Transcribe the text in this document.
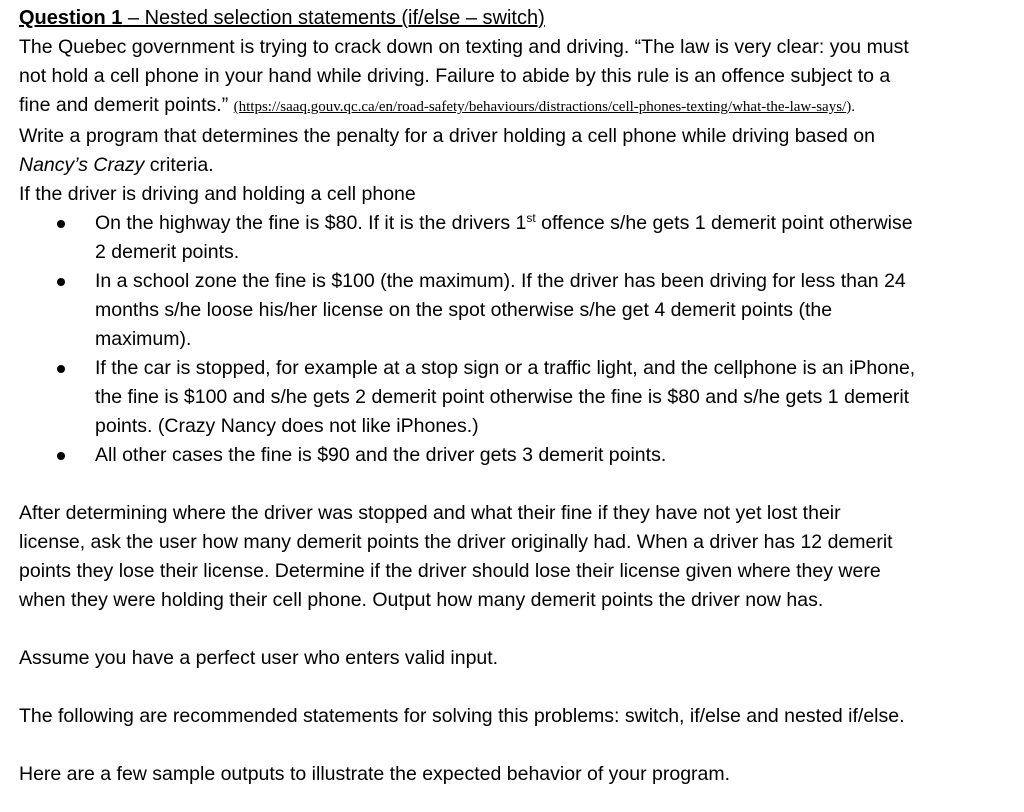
Question 1 – Nested selection statements (if/else – switch)
The Quebec government is trying to crack down on texting and driving. “The law is very clear: you must
not hold a cell phone in your hand while driving. Failure to abide by this rule is an offence subject to a
fine and demerit points.” (https://saaq.gouv.qc.ca/en/road-safety/behaviours/distractions/cell-phones-texting/what-the-law-says/).
Write a program that determines the penalty for a driver holding a cell phone while driving based on
Nancy’s Crazy criteria.
If the driver is driving and holding a cell phone
On the highway the fine is $80. If it is the drivers 1st offence s/he gets 1 demerit point otherwise
2 demerit points.
In a school zone the fine is $100 (the maximum). If the driver has been driving for less than 24
months s/he loose his/her license on the spot otherwise s/he get 4 demerit points (the
maximum).
If the car is stopped, for example at a stop sign or a traffic light, and the cellphone is an iPhone,
the fine is $100 and s/he gets 2 demerit point otherwise the fine is $80 and s/he gets 1 demerit
points. (Crazy Nancy does not like iPhones.)
All other cases the fine is $90 and the driver gets 3 demerit points.
After determining where the driver was stopped and what their fine if they have not yet lost their
license, ask the user how many demerit points the driver originally had. When a driver has 12 demerit
points they lose their license. Determine if the driver should lose their license given where they were
when they were holding their cell phone. Output how many demerit points the driver now has.
Assume you have a perfect user who enters valid input.
The following are recommended statements for solving this problems: switch, if/else and nested if/else.
Here are a few sample outputs to illustrate the expected behavior of your program.
